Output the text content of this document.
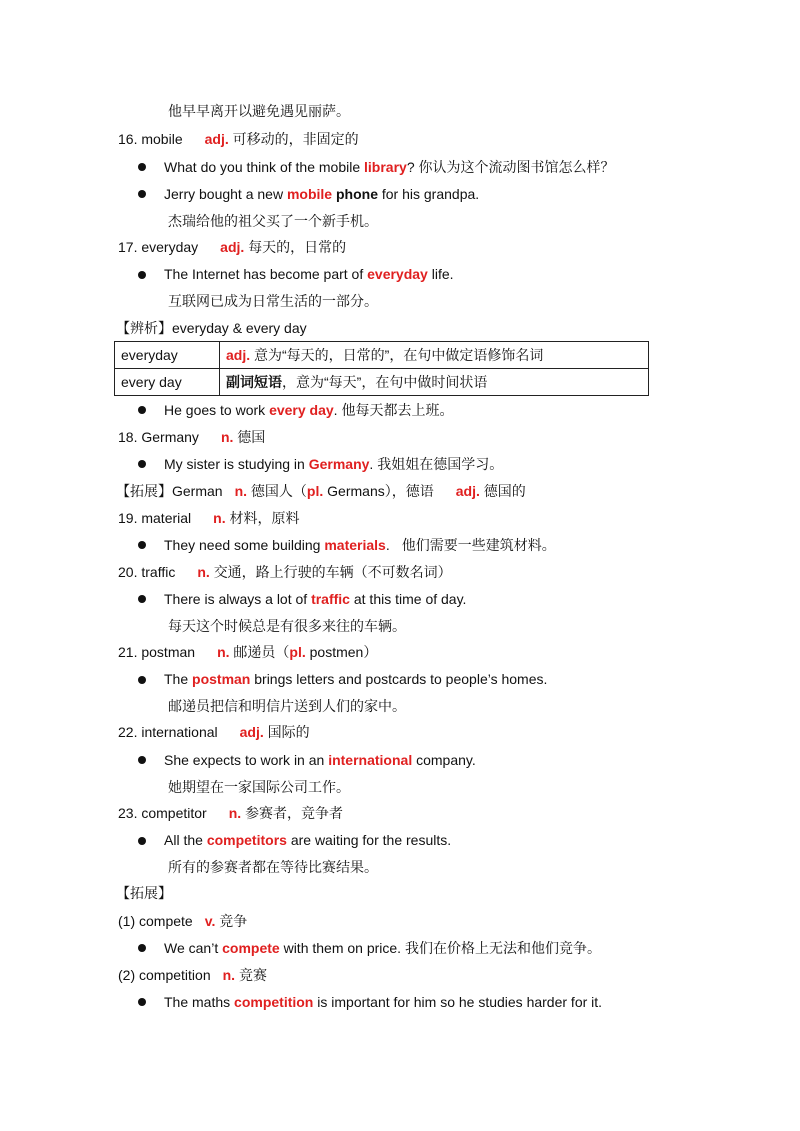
他早早离开以避免遇见丽萨。
16. mobile adj. 可移动的，非固定的
What do you think of the mobile library? 你认为这个流动图书馆怎么样？
Jerry bought a new mobile phone for his grandpa.
杰瑞给他的祖父买了一个新手机。
17. everyday adj. 每天的，日常的
The Internet has become part of everyday life.
互联网已成为日常生活的一部分。
【辨析】everyday & every day
everyday	adj. 意为“每天的，日常的”，在句中做定语修饰名词
every day	副词短语，意为“每天”，在句中做时间状语
He goes to work every day. 他每天都去上班。
18. Germany n. 德国
My sister is studying in Germany. 我姐姐在德国学习。
【拓展】German n. 德国人（pl. Germans），德语 adj. 德国的
19. material n. 材料，原料
They need some building materials. 他们需要一些建筑材料。
20. traffic n. 交通，路上行驶的车辆（不可数名词）
There is always a lot of traffic at this time of day.
每天这个时候总是有很多来往的车辆。
21. postman n. 邮递员（pl. postmen）
The postman brings letters and postcards to people’s homes.
邮递员把信和明信片送到人们的家中。
22. international adj. 国际的
She expects to work in an international company.
她期望在一家国际公司工作。
23. competitor n. 参赛者，竞争者
All the competitors are waiting for the results.
所有的参赛者都在等待比赛结果。
【拓展】
(1) compete v. 竞争
We can’t compete with them on price. 我们在价格上无法和他们竞争。
(2) competition n. 竞赛
The maths competition is important for him so he studies harder for it.
